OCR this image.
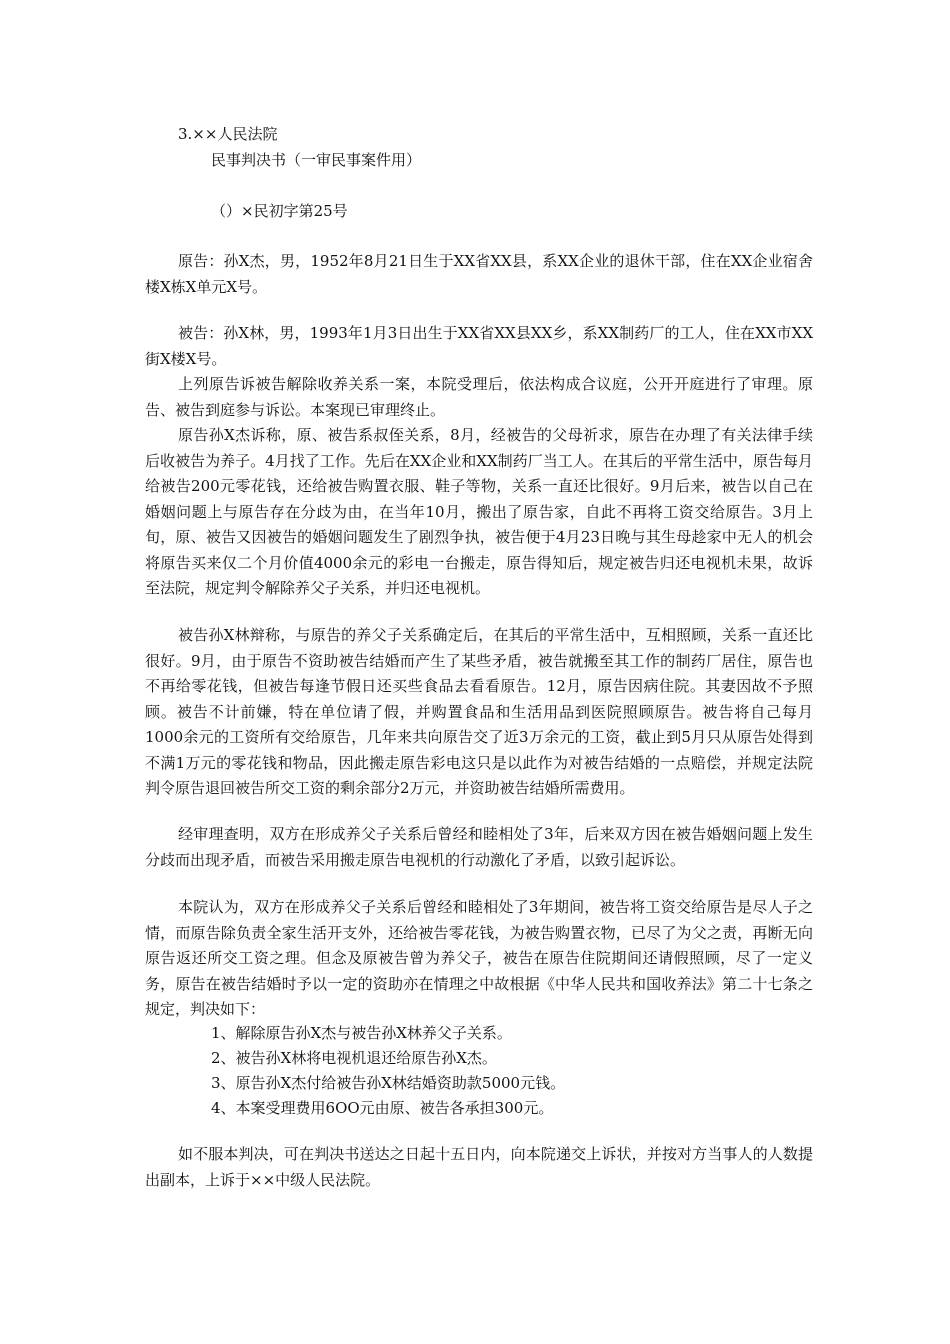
3.××人民法院
民事判决书（一审民事案件用）
（）×民初字第25号

原告：孙X杰，男，1952年8月21日生于XX省XX县，系XX企业的退休干部，住在XX企业宿舍楼X栋X单元X号。

被告：孙X林，男，1993年1月3日出生于XX省XX县XX乡，系XX制药厂的工人，住在XX市XX街X楼X号。

上列原告诉被告解除收养关系一案，本院受理后，依法构成合议庭，公开开庭进行了审理。原告、被告到庭参与诉讼。本案现已审理终止。

原告孙X杰诉称，原、被告系叔侄关系，8月，经被告的父母祈求，原告在办理了有关法律手续后收被告为养子。4月找了工作。先后在XX企业和XX制药厂当工人。在其后的平常生活中，原告每月给被告200元零花钱，还给被告购置衣服、鞋子等物，关系一直还比很好。9月后来，被告以自己在婚姻问题上与原告存在分歧为由，在当年10月，搬出了原告家，自此不再将工资交给原告。3月上旬，原、被告又因被告的婚姻问题发生了剧烈争执，被告便于4月23日晚与其生母趁家中无人的机会将原告买来仅二个月价值4000余元的彩电一台搬走，原告得知后，规定被告归还电视机未果，故诉至法院，规定判令解除养父子关系，并归还电视机。

被告孙X林辩称，与原告的养父子关系确定后，在其后的平常生活中，互相照顾，关系一直还比很好。9月，由于原告不资助被告结婚而产生了某些矛盾，被告就搬至其工作的制药厂居住，原告也不再给零花钱，但被告每逢节假日还买些食品去看看原告。12月，原告因病住院。其妻因故不予照顾。被告不计前嫌，特在单位请了假，并购置食品和生活用品到医院照顾原告。被告将自己每月1000余元的工资所有交给原告，几年来共向原告交了近3万余元的工资，截止到5月只从原告处得到不满1万元的零花钱和物品，因此搬走原告彩电这只是以此作为对被告结婚的一点赔偿，并规定法院判令原告退回被告所交工资的剩余部分2万元，并资助被告结婚所需费用。

经审理查明，双方在形成养父子关系后曾经和睦相处了3年，后来双方因在被告婚姻问题上发生分歧而出现矛盾，而被告采用搬走原告电视机的行动激化了矛盾，以致引起诉讼。

本院认为，双方在形成养父子关系后曾经和睦相处了3年期间，被告将工资交给原告是尽人子之情，而原告除负责全家生活开支外，还给被告零花钱，为被告购置衣物，已尽了为父之责，再断无向原告返还所交工资之理。但念及原被告曾为养父子，被告在原告住院期间还请假照顾，尽了一定义务，原告在被告结婚时予以一定的资助亦在情理之中故根据《中华人民共和国收养法》第二十七条之规定，判决如下：

1、解除原告孙X杰与被告孙X林养父子关系。
2、被告孙X林将电视机退还给原告孙X杰。
3、原告孙X杰付给被告孙X林结婚资助款5000元钱。
4、本案受理费用6OO元由原、被告各承担300元。

如不服本判决，可在判决书送达之日起十五日内，向本院递交上诉状，并按对方当事人的人数提出副本，上诉于××中级人民法院。
